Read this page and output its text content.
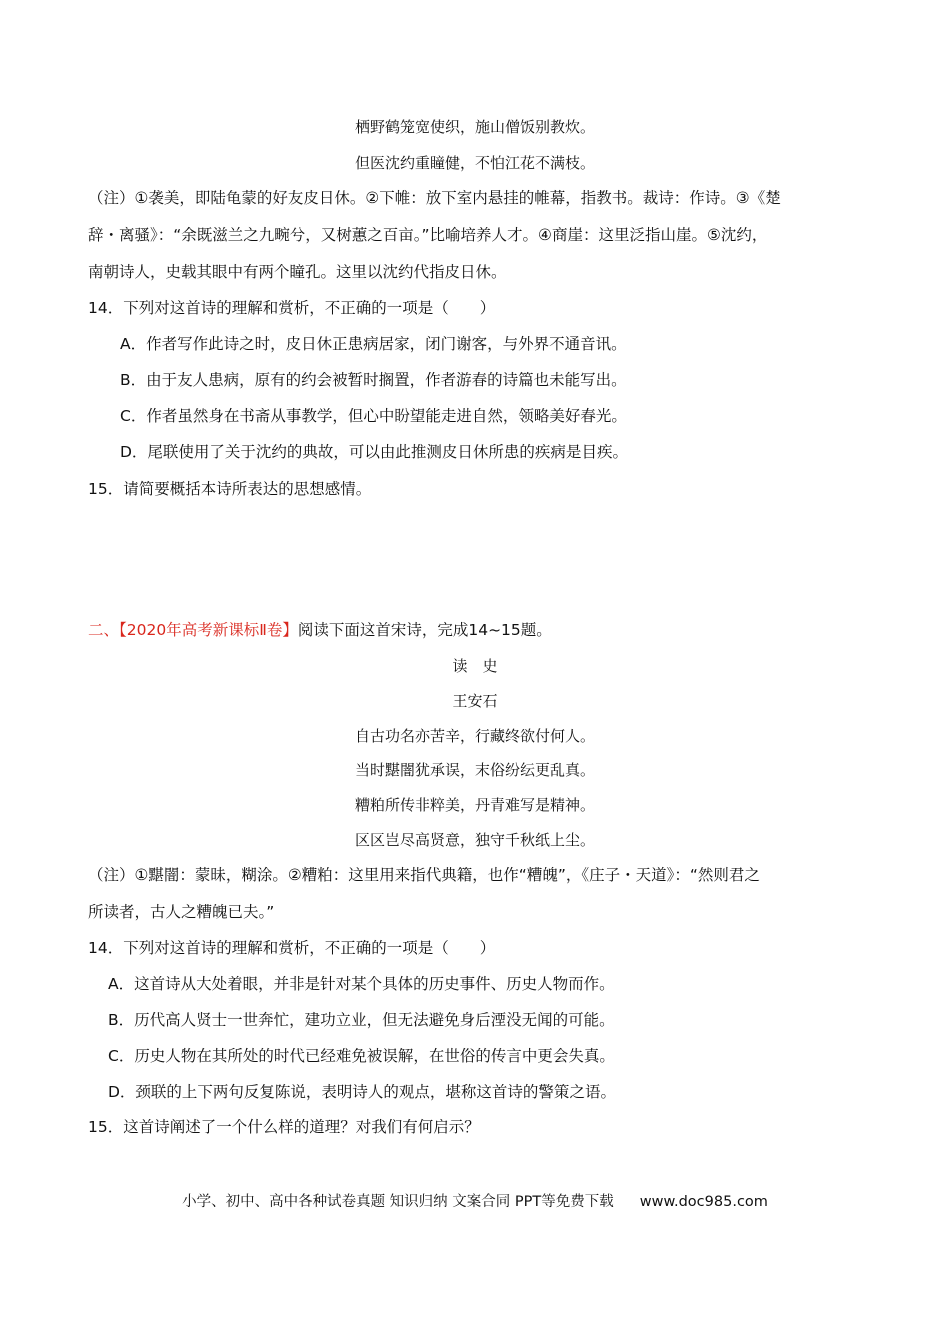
栖野鹤笼宽使织，施山僧饭别教炊。
但医沈约重瞳健，不怕江花不满枝。
（注）①袭美，即陆龟蒙的好友皮日休。②下帷：放下室内悬挂的帷幕，指教书。裁诗：作诗。③《楚
辞・离骚》：“余既滋兰之九畹兮，又树蕙之百亩。”比喻培养人才。④商崖：这里泛指山崖。⑤沈约，
南朝诗人，史载其眼中有两个瞳孔。这里以沈约代指皮日休。
14．下列对这首诗的理解和赏析，不正确的一项是（　　）
A．作者写作此诗之时，皮日休正患病居家，闭门谢客，与外界不通音讯。
B．由于友人患病，原有的约会被暂时搁置，作者游春的诗篇也未能写出。
C．作者虽然身在书斋从事教学，但心中盼望能走进自然，领略美好春光。
D．尾联使用了关于沈约的典故，可以由此推测皮日休所患的疾病是目疾。
15．请简要概括本诗所表达的思想感情。
二、【2020年高考新课标Ⅱ卷】阅读下面这首宋诗，完成14~15题。
读　史
王安石
自古功名亦苦辛，行藏终欲付何人。
当时黮闇犹承误，末俗纷纭更乱真。
糟粕所传非粹美，丹青难写是精神。
区区岂尽高贤意，独守千秋纸上尘。
（注）①黮闇：蒙昧，糊涂。②糟粕：这里用来指代典籍，也作“糟魄”，《庄子・天道》：“然则君之
所读者，古人之糟魄已夫。”
14．下列对这首诗的理解和赏析，不正确的一项是（　　）
A．这首诗从大处着眼，并非是针对某个具体的历史事件、历史人物而作。
B．历代高人贤士一世奔忙，建功立业，但无法避免身后湮没无闻的可能。
C．历史人物在其所处的时代已经难免被误解，在世俗的传言中更会失真。
D．颈联的上下两句反复陈说，表明诗人的观点，堪称这首诗的警策之语。
15．这首诗阐述了一个什么样的道理？对我们有何启示？
小学、初中、高中各种试卷真题 知识归纳 文案合同 PPT等免费下载 www.doc985.com
